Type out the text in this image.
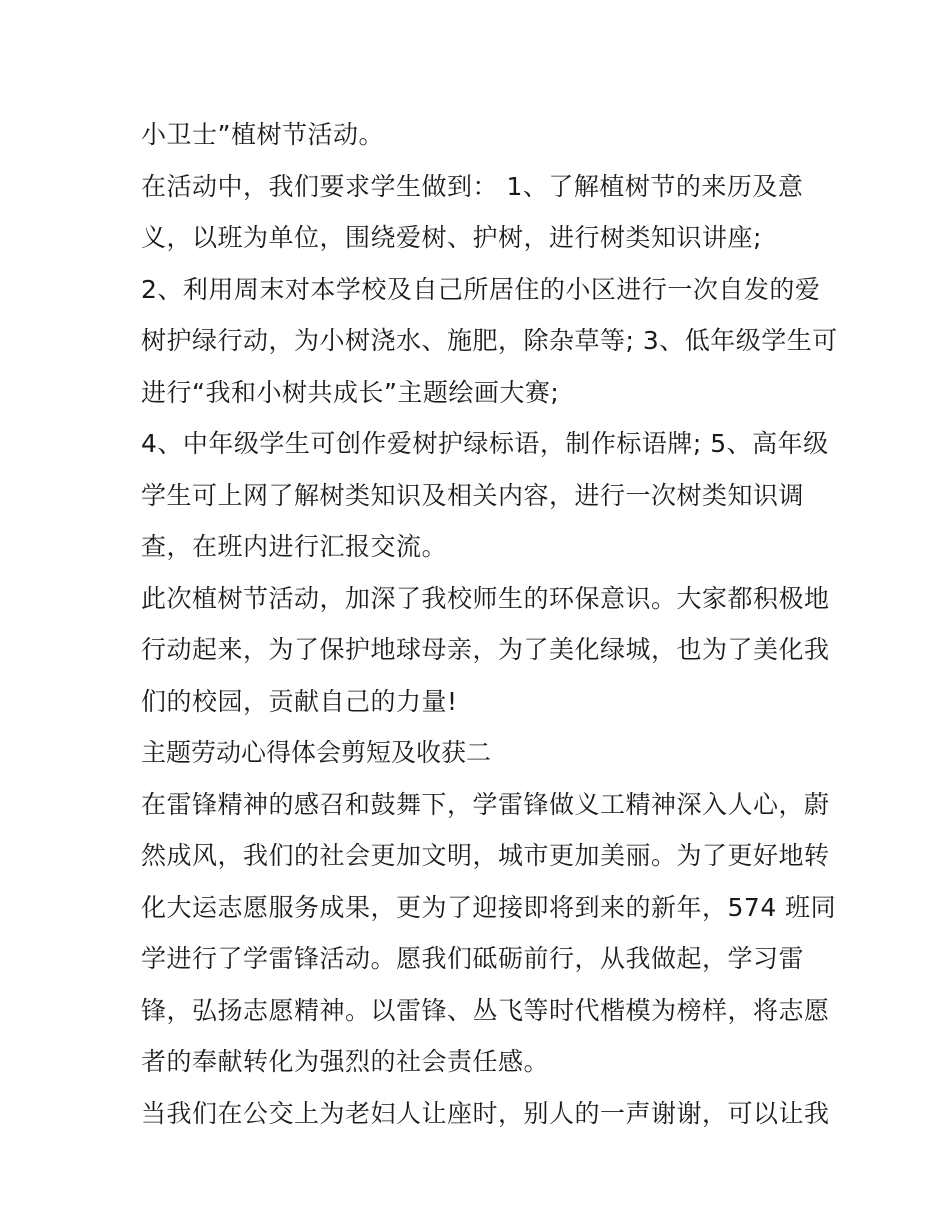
小卫士”植树节活动。
在活动中，我们要求学生做到： 1、了解植树节的来历及意
义，以班为单位，围绕爱树、护树，进行树类知识讲座;
2、利用周末对本学校及自己所居住的小区进行一次自发的爱
树护绿行动，为小树浇水、施肥，除杂草等; 3、低年级学生可
进行“我和小树共成长”主题绘画大赛;
4、中年级学生可创作爱树护绿标语，制作标语牌; 5、高年级
学生可上网了解树类知识及相关内容，进行一次树类知识调
查，在班内进行汇报交流。
此次植树节活动，加深了我校师生的环保意识。大家都积极地
行动起来，为了保护地球母亲，为了美化绿城，也为了美化我
们的校园，贡献自己的力量!
主题劳动心得体会剪短及收获二
在雷锋精神的感召和鼓舞下，学雷锋做义工精神深入人心，蔚
然成风，我们的社会更加文明，城市更加美丽。为了更好地转
化大运志愿服务成果，更为了迎接即将到来的新年，574 班同
学进行了学雷锋活动。愿我们砥砺前行，从我做起，学习雷
锋，弘扬志愿精神。以雷锋、丛飞等时代楷模为榜样，将志愿
者的奉献转化为强烈的社会责任感。
当我们在公交上为老妇人让座时，别人的一声谢谢，可以让我
